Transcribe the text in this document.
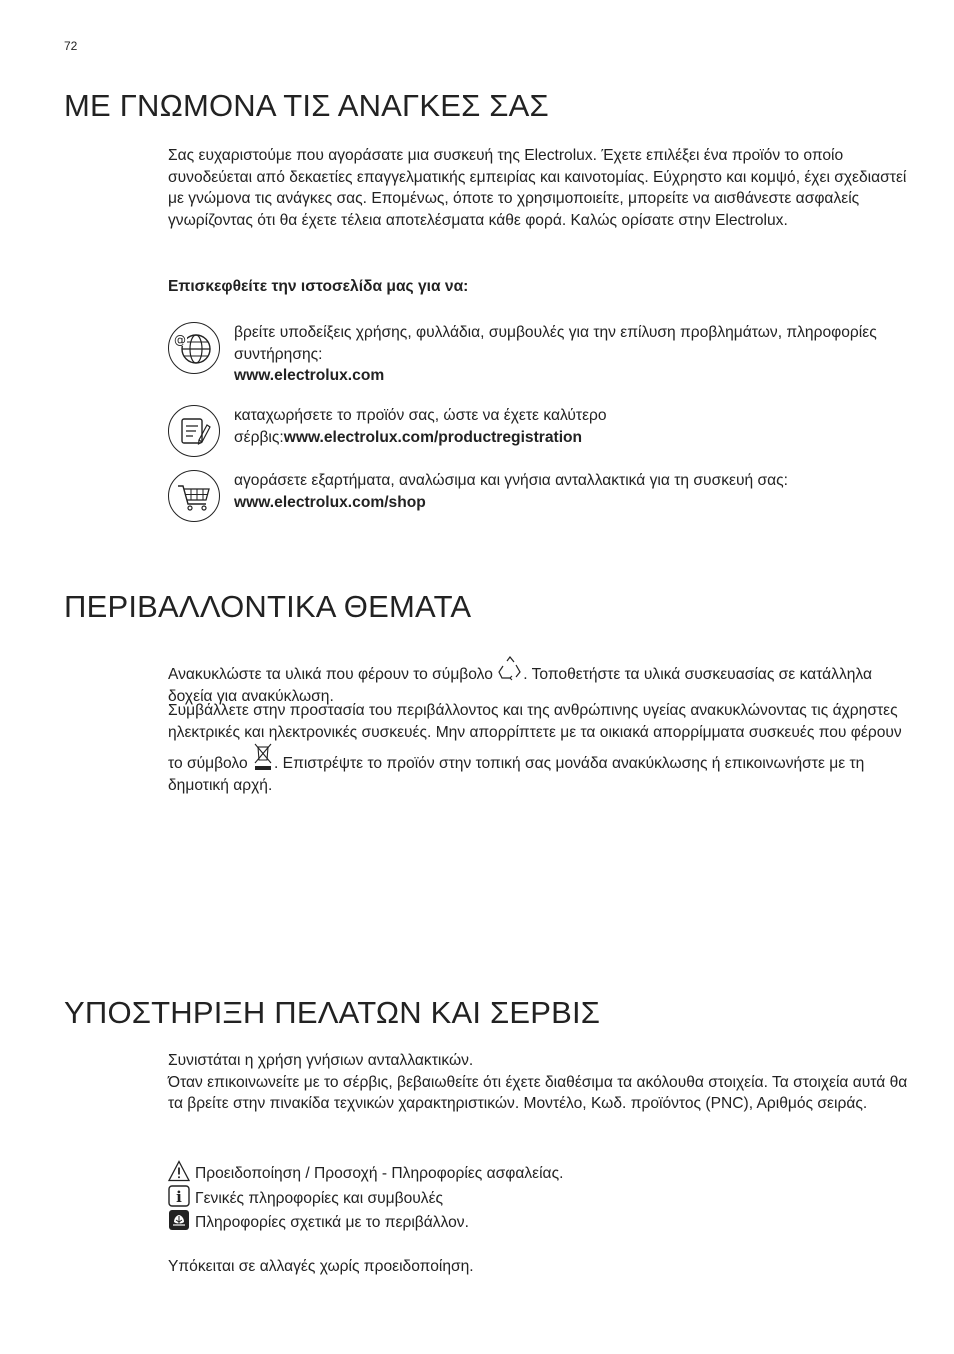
72
ΜΕ ΓΝΩΜΟΝΑ ΤΙΣ ΑΝΑΓΚΕΣ ΣΑΣ

Σας ευχαριστούμε που αγοράσατε μια συσκευή της Electrolux. Έχετε επιλέξει ένα προϊόν το οποίο συνοδεύεται από δεκαετίες επαγγελματικής εμπειρίας και καινοτομίας. Εύχρηστο και κομψό, έχει σχεδιαστεί με γνώμονα τις ανάγκες σας. Επομένως, όποτε το χρησιμοποιείτε, μπορείτε να αισθάνεστε ασφαλείς γνωρίζοντας ότι θα έχετε τέλεια αποτελέσματα κάθε φορά. Καλώς ορίσατε στην Electrolux.

Επισκεφθείτε την ιστοσελίδα μας για να:

@	βρείτε υποδείξεις χρήσης, φυλλάδια, συμβουλές για την επίλυση προβλημάτων, πληροφορίες συντήρησης:
www.electrolux.com
καταχωρήσετε το προϊόν σας, ώστε να έχετε καλύτερο σέρβις:www.electrolux.com/productregistration
αγοράσετε εξαρτήματα, αναλώσιμα και γνήσια ανταλλακτικά για τη συσκευή σας:
www.electrolux.com/shop
ΠΕΡΙΒΑΛΛΟΝΤΙΚΑ ΘΕΜΑΤΑ

Ανακυκλώστε τα υλικά που φέρουν το σύμβολο . Τοποθετήστε τα υλικά συσκευασίας σε κατάλληλα δοχεία για ανακύκλωση.

Συμβάλλετε στην προστασία του περιβάλλοντος και της ανθρώπινης υγείας ανακυκλώνοντας τις άχρηστες ηλεκτρικές και ηλεκτρονικές συσκευές. Μην απορρίπτετε με τα οικιακά απορρίμματα συσκευές που φέρουν το σύμβολο . Επιστρέψτε το προϊόν στην τοπική σας μονάδα ανακύκλωσης ή επικοινωνήστε με τη δημοτική αρχή.

ΥΠΟΣΤΗΡΙΞΗ ΠΕΛΑΤΩΝ ΚΑΙ ΣΕΡΒΙΣ

Συνιστάται η χρήση γνήσιων ανταλλακτικών.
Όταν επικοινωνείτε με το σέρβις, βεβαιωθείτε ότι έχετε διαθέσιμα τα ακόλουθα στοιχεία. Τα στοιχεία αυτά θα τα βρείτε στην πινακίδα τεχνικών χαρακτηριστικών. Μοντέλο, Κωδ. προϊόντος (PNC), Αριθμός σειράς.

Προειδοποίηση / Προσοχή - Πληροφορίες ασφαλείας.
i Γενικές πληροφορίες και συμβουλές
Πληροφορίες σχετικά με το περιβάλλον.

Υπόκειται σε αλλαγές χωρίς προειδοποίηση.
